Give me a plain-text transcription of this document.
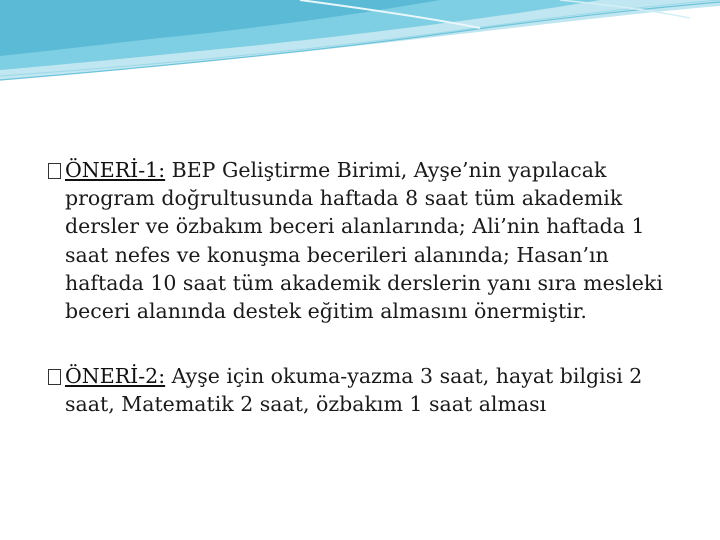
ÖNERİ-1: BEP Geliştirme Birimi, Ayşe’nin yapılacak program doğrultusunda haftada 8 saat tüm akademik dersler ve özbakım beceri alanlarında; Ali’nin haftada 1 saat nefes ve konuşma becerileri alanında; Hasan’ın haftada 10 saat tüm akademik derslerin yanı sıra mesleki beceri alanında destek eğitim almasını önermiştir.

ÖNERİ-2: Ayşe için okuma-yazma 3 saat, hayat bilgisi 2 saat, Matematik 2 saat, özbakım 1 saat alması
